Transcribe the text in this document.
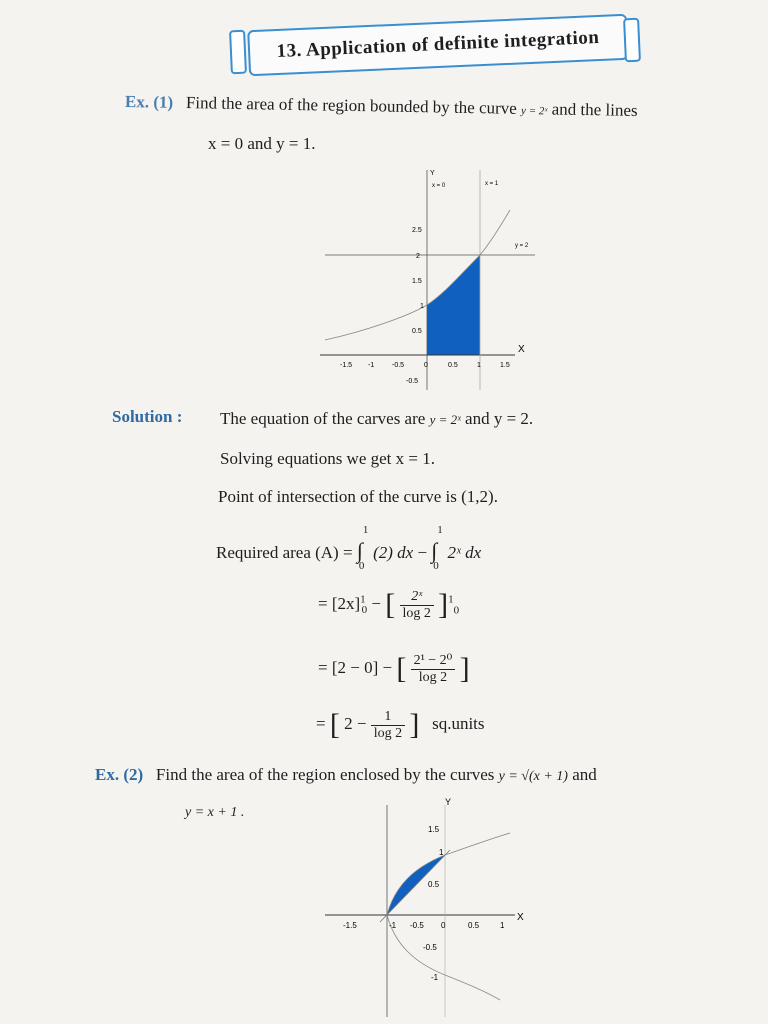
13. Application of definite integration
Ex. (1) Find the area of the region bounded by the curve y = 2ˣ and the lines
x = 0 and y = 1.
Y
X
x = 0	x = 1
y = 2
2.5
2
1.5
1
0.5
-0.5
-1.5 -1	-0.5	0	0.5	1	1.5
Solution : The equation of the carves are y = 2ˣ and y = 2.
Solving equations we get x = 1.
Point of intersection of the curve is (1,2).
Required area (A) = ∫
1
0
(2) dx − ∫
1
0
2ˣ dx
= $[2x]^1_0$ − [ $\frac{\text{2ˣ}}{\log 2} ]^1_0$
= [2 − 0] − [ $\frac{\text{2¹ − 2⁰}}{\log 2}$ ]
= [ $2 - \frac{1}{\log 2}$ ] sq.units
Ex. (2) Find the area of the region enclosed by the curves y = √(x + 1) and
y = x + 1 .
Y
X
1.5
1
0.5
-0.5
-1
-1.5	-1 -0.5 0	0.5	1
